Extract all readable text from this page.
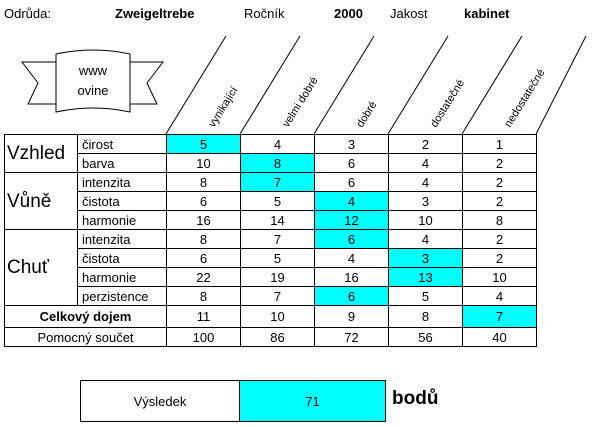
Odrůda:	Zweigeltrebe	Ročník	2000 Jakost	kabinet
www
ovine	vynikající	velmi dobré	dobré	dostatečné	nedostatečné
Vzhled	čirost	5	4	3	2	1
	barva	10	8	6	4	2
Vůně	intenzita	8	7	6	4	2
	čistota	6	5	4	3	2
	harmonie	16	14	12	10	8
Chuť	intenzita	8	7	6	4	2
	čistota	6	5	4	3	2
	harmonie	22	19	16	13	10
	perzistence	8	7	6	5	4
Celkový dojem		11	10	9	8	7
Pomocný součet		100	86	72	56	40
Výsledek	71	bodů
